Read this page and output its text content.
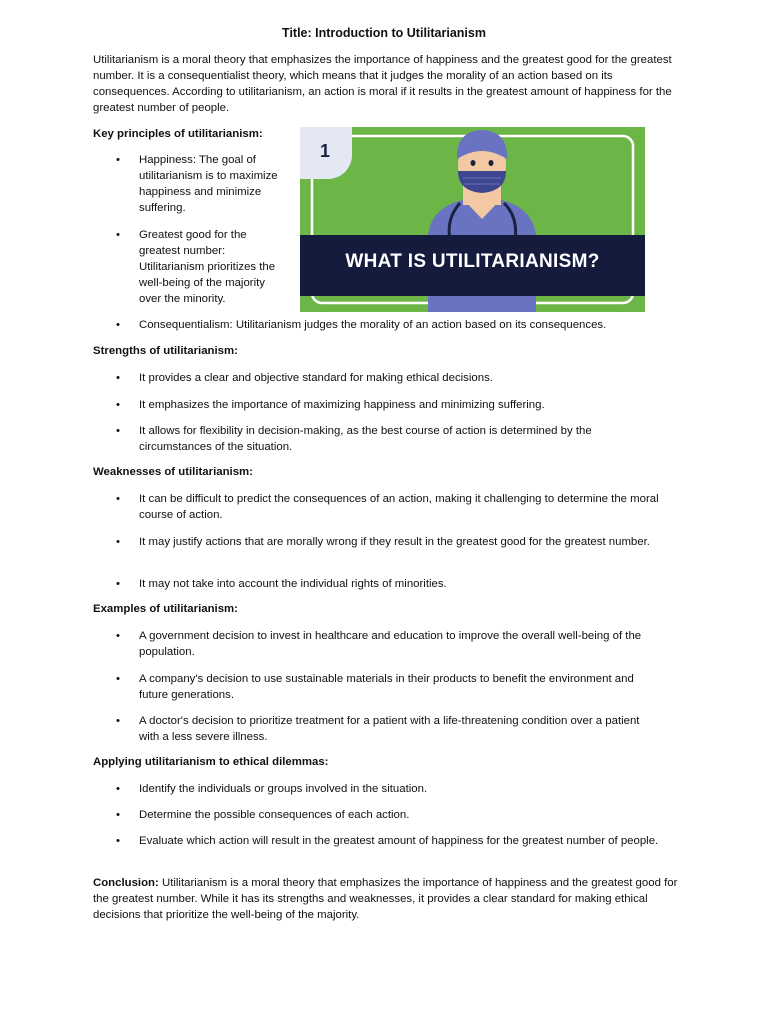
Title: Introduction to Utilitarianism

Utilitarianism is a moral theory that emphasizes the importance of happiness and the greatest good for the greatest number. It is a consequentialist theory, which means that it judges the morality of an action based on its consequences. According to utilitarianism, an action is moral if it results in the greatest amount of happiness for the greatest number of people.

Key principles of utilitarianism:

• Happiness: The goal of utilitarianism is to maximize happiness and minimize suffering.
• Greatest good for the greatest number: Utilitarianism prioritizes the well-being of the majority over the minority.
• Consequentialism: Utilitarianism judges the morality of an action based on its consequences.
1
WHAT IS UTILITARIANISM?

Strengths of utilitarianism:

• It provides a clear and objective standard for making ethical decisions.
• It emphasizes the importance of maximizing happiness and minimizing suffering.
• It allows for flexibility in decision-making, as the best course of action is determined by the circumstances of the situation.

Weaknesses of utilitarianism:

• It can be difficult to predict the consequences of an action, making it challenging to determine the moral course of action.
• It may justify actions that are morally wrong if they result in the greatest good for the greatest number.
• It may not take into account the individual rights of minorities.

Examples of utilitarianism:

• A government decision to invest in healthcare and education to improve the overall well-being of the population.
• A company's decision to use sustainable materials in their products to benefit the environment and future generations.
• A doctor's decision to prioritize treatment for a patient with a life-threatening condition over a patient with a less severe illness.

Applying utilitarianism to ethical dilemmas:

• Identify the individuals or groups involved in the situation.
• Determine the possible consequences of each action.
• Evaluate which action will result in the greatest amount of happiness for the greatest number of people.

Conclusion: Utilitarianism is a moral theory that emphasizes the importance of happiness and the greatest good for the greatest number. While it has its strengths and weaknesses, it provides a clear standard for making ethical decisions that prioritize the well-being of the majority.
